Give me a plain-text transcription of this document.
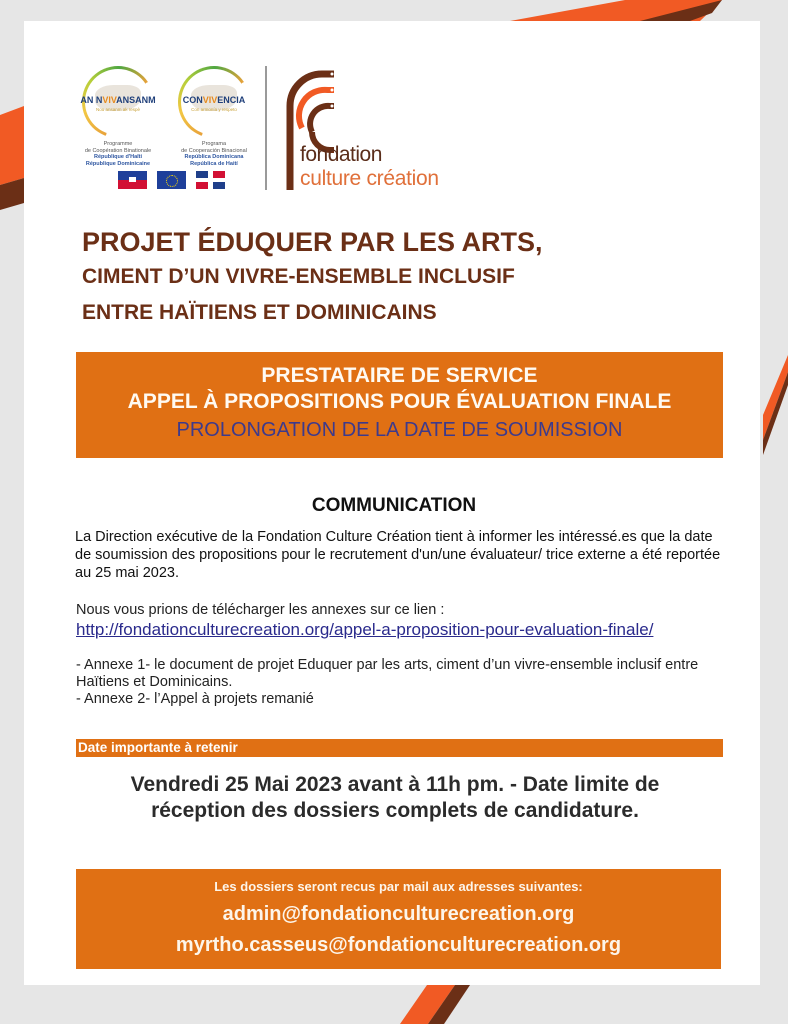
AN NVIVANSANM
Nou ansanm ak respè
Programme
de Coopération Binationale
République d'Haïti
République Dominicaine
CONVIVENCIA
Con armonía y respeto
Programa
de Cooperación Binacional
República Dominicana
República de Haití	fondation
culture création
PROJET ÉDUQUER PAR LES ARTS,
CIMENT D’UN VIVRE-ENSEMBLE INCLUSIF
ENTRE HAÏTIENS ET DOMINICAINS
PRESTATAIRE DE SERVICE
APPEL À PROPOSITIONS POUR ÉVALUATION FINALE
PROLONGATION DE LA DATE DE SOUMISSION
COMMUNICATION
La Direction exécutive de la Fondation Culture Création tient à informer les intéressé.es que la date de soumission des propositions pour le recrutement d'un/une évaluateur/ trice externe a été reportée au 25 mai 2023.
Nous vous prions de télécharger les annexes sur ce lien :
http://fondationculturecreation.org/appel-a-proposition-pour-evaluation-finale/
- Annexe 1- le document de projet Eduquer par les arts, ciment d’un vivre-ensemble inclusif entre Haïtiens et Dominicains.
- Annexe 2- l’Appel à projets remanié
Date importante à retenir
Vendredi 25 Mai 2023 avant à 11h pm. - Date limite de réception des dossiers complets de candidature.
Les dossiers seront recus par mail aux adresses suivantes:
admin@fondationculturecreation.org
myrtho.casseus@fondationculturecreation.org
